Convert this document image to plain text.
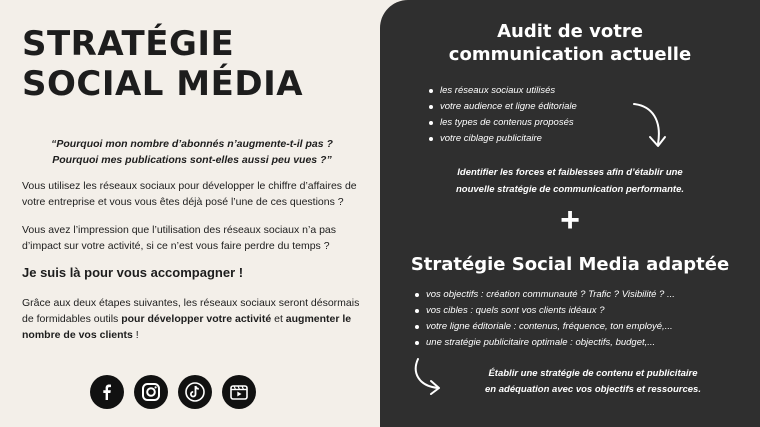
STRATÉGIE
SOCIAL MÉDIA
“Pourquoi mon nombre d’abonnés n’augmente-t-il pas ?
Pourquoi mes publications sont-elles aussi peu vues ?”

Vous utilisez les réseaux sociaux pour développer le chiffre d’affaires de votre entreprise et vous vous êtes déjà posé l’une de ces questions ?

Vous avez l’impression que l’utilisation des réseaux sociaux n’a pas d’impact sur votre activité, si ce n’est vous faire perdre du temps ?

Je suis là pour vous accompagner !

Grâce aux deux étapes suivantes, les réseaux sociaux seront désormais de formidables outils pour développer votre activité et augmenter le nombre de vos clients !

Audit de votre
communication actuelle
les réseaux sociaux utilisés
votre audience et ligne éditoriale
les types de contenus proposés
votre ciblage publicitaire
Identifier les forces et faiblesses afin d’établir une
nouvelle stratégie de communication performante.
+
Stratégie Social Media adaptée
vos objectifs : création communauté ? Trafic ? Visibilité ? ...
vos cibles : quels sont vos clients idéaux ?
votre ligne éditoriale : contenus, fréquence, ton employé,...
une stratégie publicitaire optimale : objectifs, budget,...
Établir une stratégie de contenu et publicitaire
en adéquation avec vos objectifs et ressources.
